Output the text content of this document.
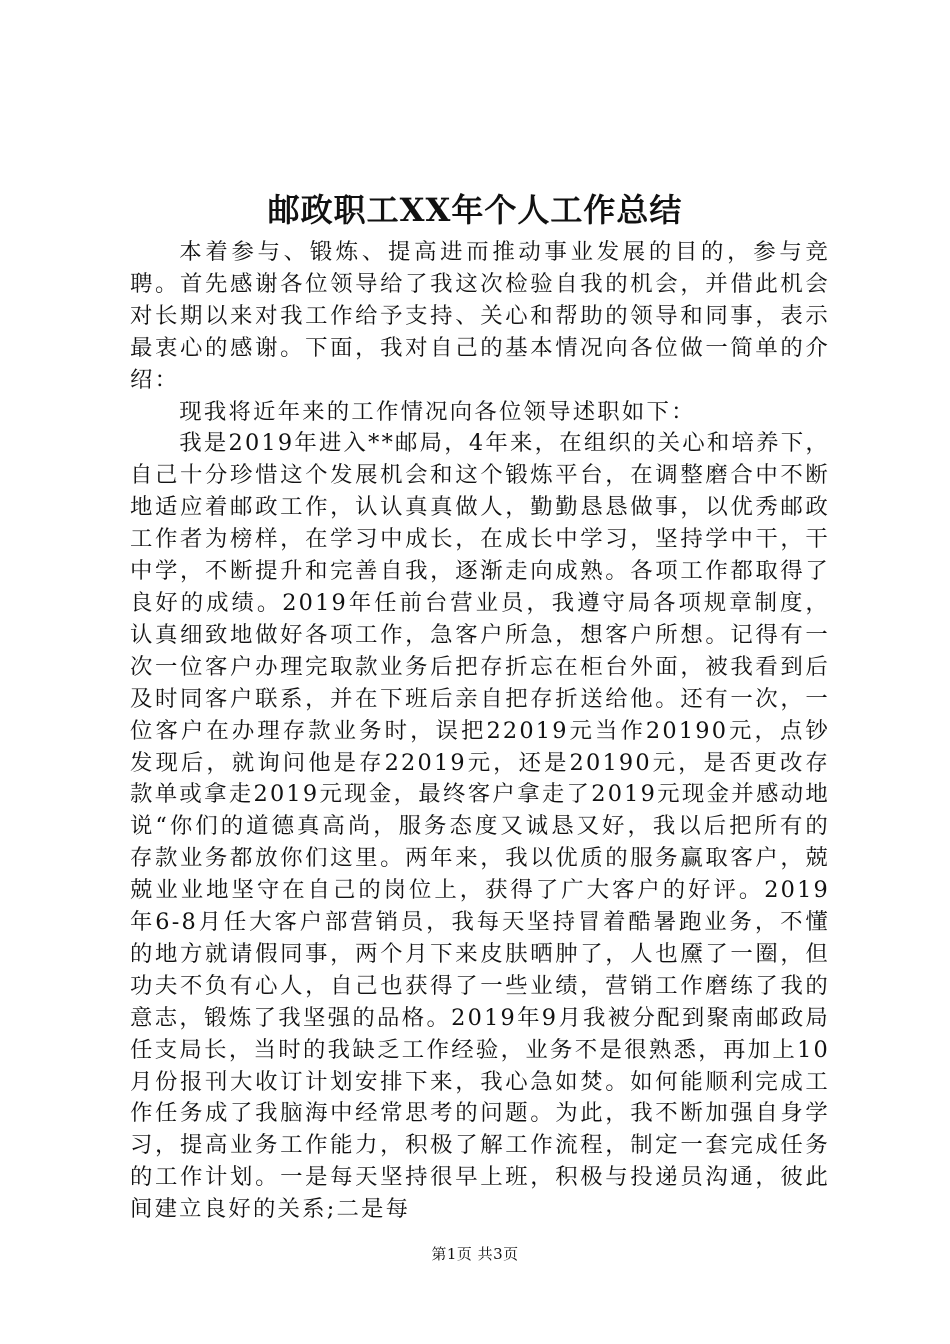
邮政职工XX年个人工作总结

本着参与、锻炼、提高进而推动事业发展的目的，参与竞聘。首先感谢各位领导给了我这次检验自我的机会，并借此机会对长期以来对我工作给予支持、关心和帮助的领导和同事，表示最衷心的感谢。下面，我对自己的基本情况向各位做一简单的介绍：

现我将近年来的工作情况向各位领导述职如下：

我是2019年进入**邮局，4年来，在组织的关心和培养下，自己十分珍惜这个发展机会和这个锻炼平台，在调整磨合中不断地适应着邮政工作，认认真真做人，勤勤恳恳做事，以优秀邮政工作者为榜样，在学习中成长，在成长中学习，坚持学中干，干中学，不断提升和完善自我，逐渐走向成熟。各项工作都取得了良好的成绩。2019年任前台营业员，我遵守局各项规章制度，认真细致地做好各项工作，急客户所急，想客户所想。记得有一次一位客户办理完取款业务后把存折忘在柜台外面，被我看到后及时同客户联系，并在下班后亲自把存折送给他。还有一次，一位客户在办理存款业务时，误把22019元当作20190元，点钞发现后，就询问他是存22019元，还是20190元，是否更改存款单或拿走2019元现金，最终客户拿走了2019元现金并感动地说“你们的道德真高尚，服务态度又诚恳又好，我以后把所有的存款业务都放你们这里。两年来，我以优质的服务赢取客户，兢兢业业地坚守在自己的岗位上，获得了广大客户的好评。2019年6-8月任大客户部营销员，我每天坚持冒着酷暑跑业务，不懂的地方就请假同事，两个月下来皮肤晒肿了，人也黡了一圈，但功夫不负有心人，自己也获得了一些业绩，营销工作磨练了我的意志，锻炼了我坚强的品格。2019年9月我被分配到聚南邮政局任支局长，当时的我缺乏工作经验，业务不是很熟悉，再加上10月份报刊大收订计划安排下来，我心急如焚。如何能顺利完成工作任务成了我脑海中经常思考的问题。为此，我不断加强自身学习，提高业务工作能力，积极了解工作流程，制定一套完成任务的工作计划。一是每天坚持很早上班，积极与投递员沟通，彼此间建立良好的关系;二是每

第1页 共3页
